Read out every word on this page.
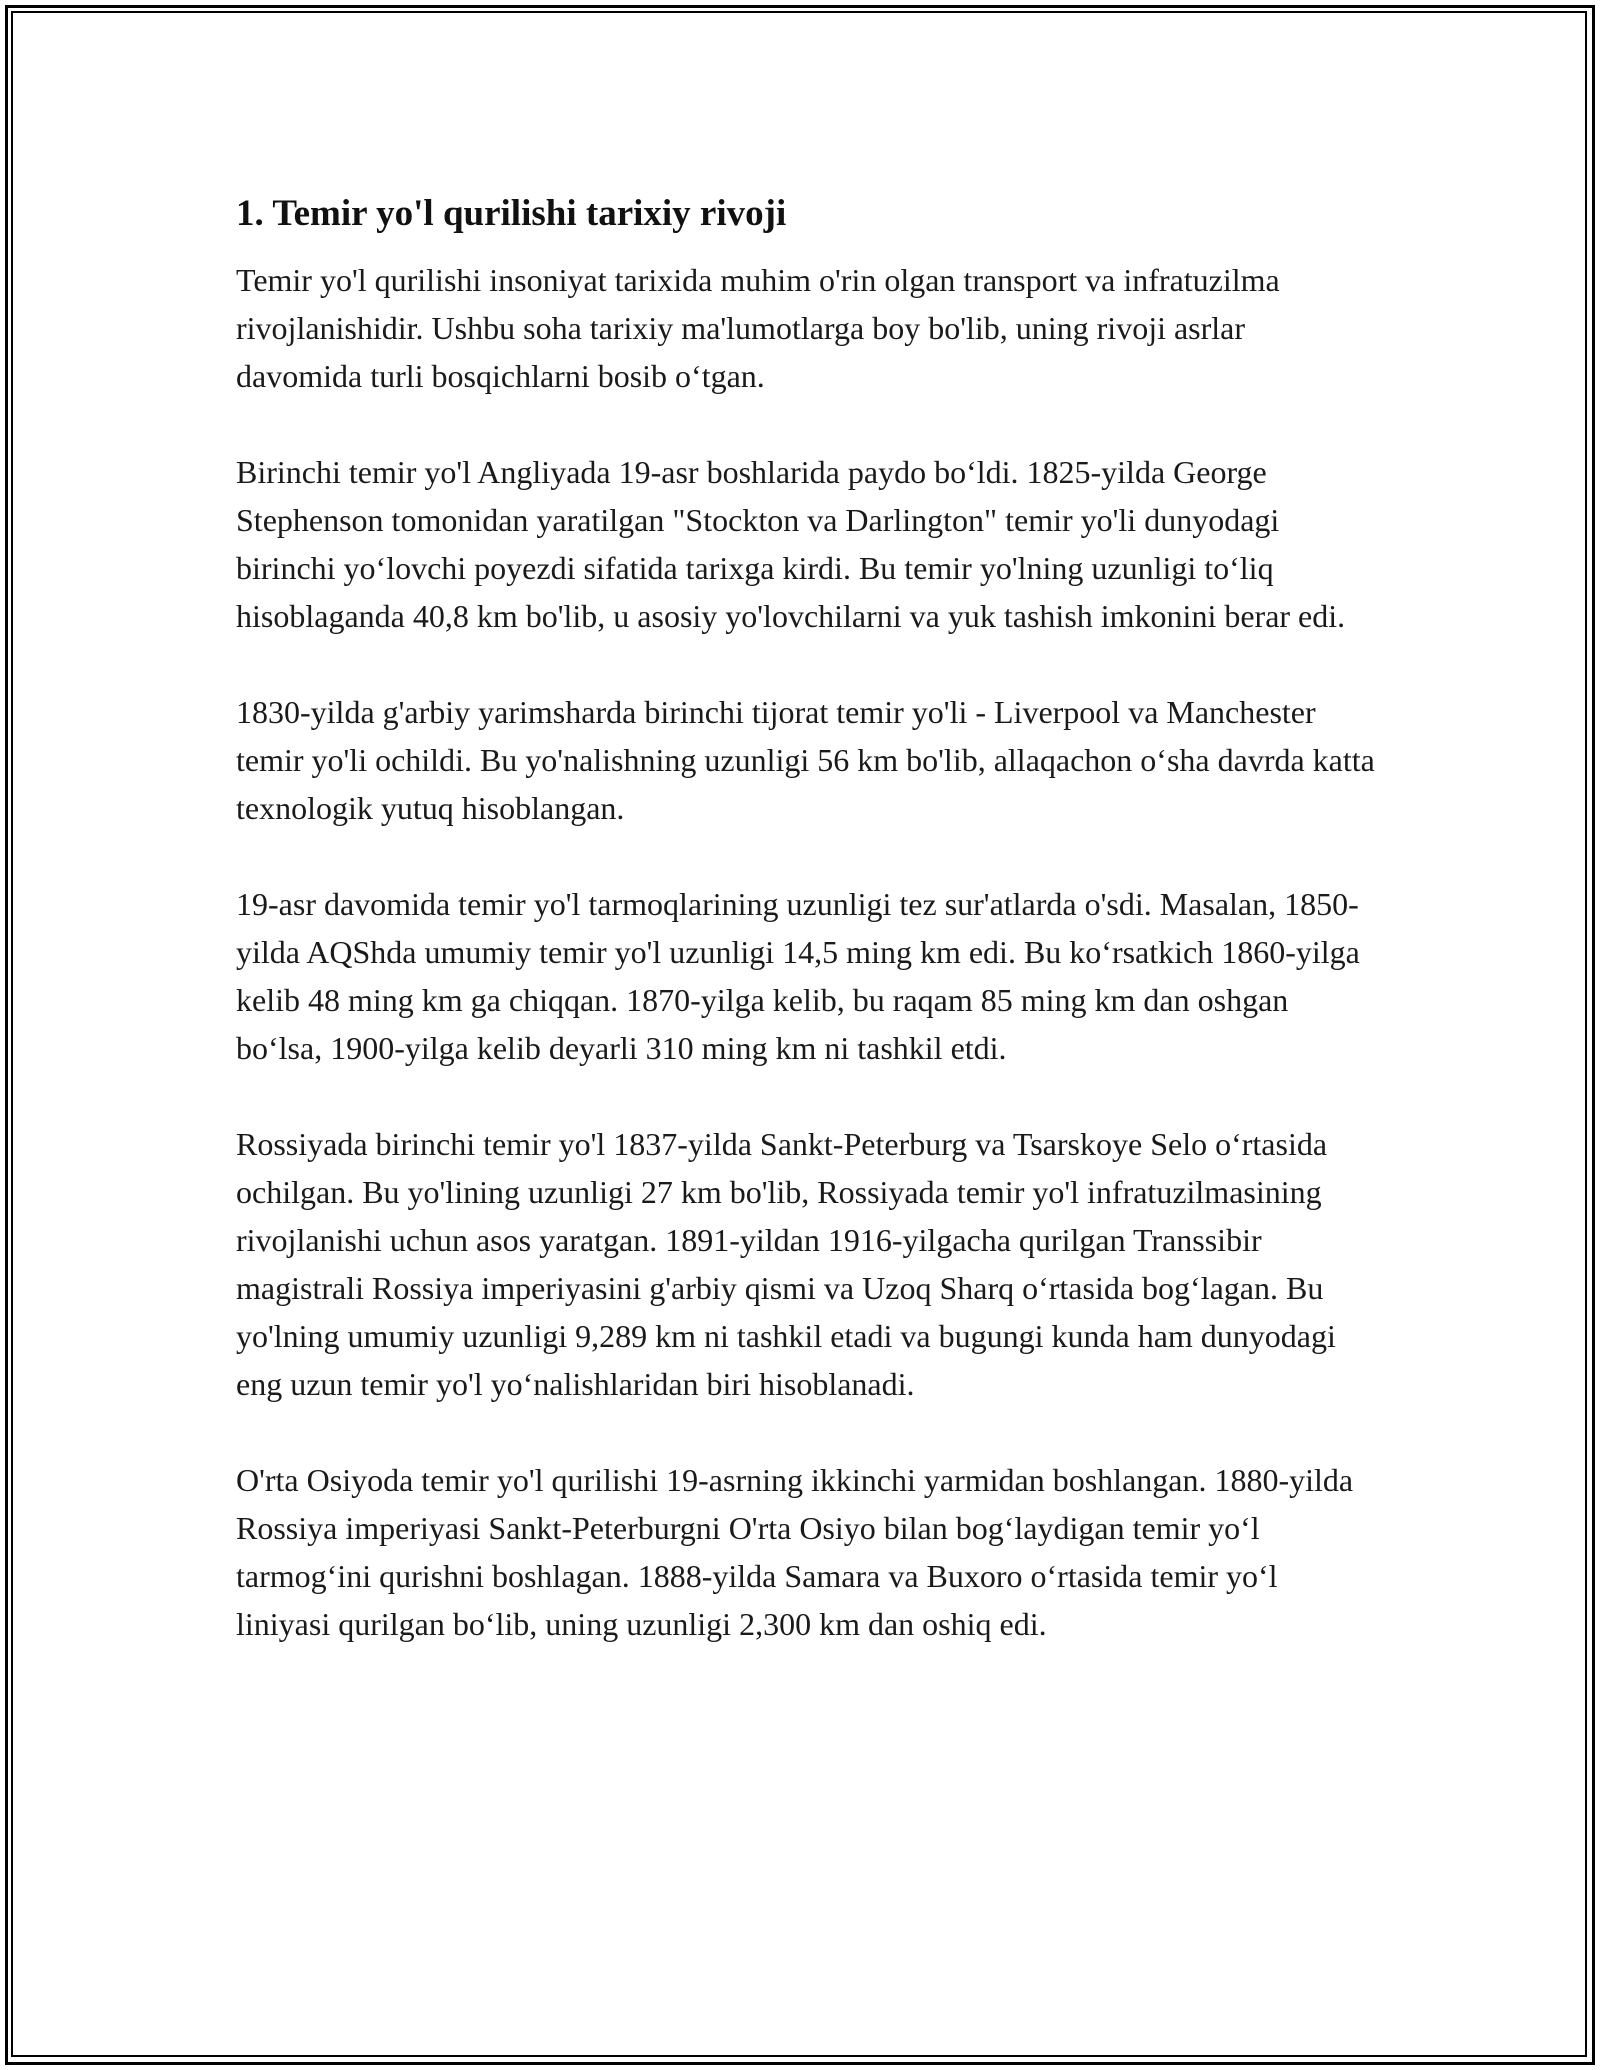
1. Temir yo'l qurilishi tarixiy rivoji

Temir yo'l qurilishi insoniyat tarixida muhim o'rin olgan transport va infratuzilma rivojlanishidir. Ushbu soha tarixiy ma'lumotlarga boy bo'lib, uning rivoji asrlar davomida turli bosqichlarni bosib o‘tgan.

Birinchi temir yo'l Angliyada 19-asr boshlarida paydo bo‘ldi. 1825-yilda George Stephenson tomonidan yaratilgan "Stockton va Darlington" temir yo'li dunyodagi birinchi yo‘lovchi poyezdi sifatida tarixga kirdi. Bu temir yo'lning uzunligi to‘liq hisoblaganda 40,8 km bo'lib, u asosiy yo'lovchilarni va yuk tashish imkonini berar edi.

1830-yilda g'arbiy yarimsharda birinchi tijorat temir yo'li - Liverpool va Manchester temir yo'li ochildi. Bu yo'nalishning uzunligi 56 km bo'lib, allaqachon o‘sha davrda katta texnologik yutuq hisoblangan.

19-asr davomida temir yo'l tarmoqlarining uzunligi tez sur'atlarda o'sdi. Masalan, 1850-yilda AQShda umumiy temir yo'l uzunligi 14,5 ming km edi. Bu ko‘rsatkich 1860-yilga kelib 48 ming km ga chiqqan. 1870-yilga kelib, bu raqam 85 ming km dan oshgan bo‘lsa, 1900-yilga kelib deyarli 310 ming km ni tashkil etdi.

Rossiyada birinchi temir yo'l 1837-yilda Sankt-Peterburg va Tsarskoye Selo o‘rtasida ochilgan. Bu yo'lining uzunligi 27 km bo'lib, Rossiyada temir yo'l infratuzilmasining rivojlanishi uchun asos yaratgan. 1891-yildan 1916-yilgacha qurilgan Transsibir magistrali Rossiya imperiyasini g'arbiy qismi va Uzoq Sharq o‘rtasida bog‘lagan. Bu yo'lning umumiy uzunligi 9,289 km ni tashkil etadi va bugungi kunda ham dunyodagi eng uzun temir yo'l yo‘nalishlaridan biri hisoblanadi.

O'rta Osiyoda temir yo'l qurilishi 19-asrning ikkinchi yarmidan boshlangan. 1880-yilda Rossiya imperiyasi Sankt-Peterburgni O'rta Osiyo bilan bog‘laydigan temir yo‘l tarmog‘ini qurishni boshlagan. 1888-yilda Samara va Buxoro o‘rtasida temir yo‘l liniyasi qurilgan bo‘lib, uning uzunligi 2,300 km dan oshiq edi.
